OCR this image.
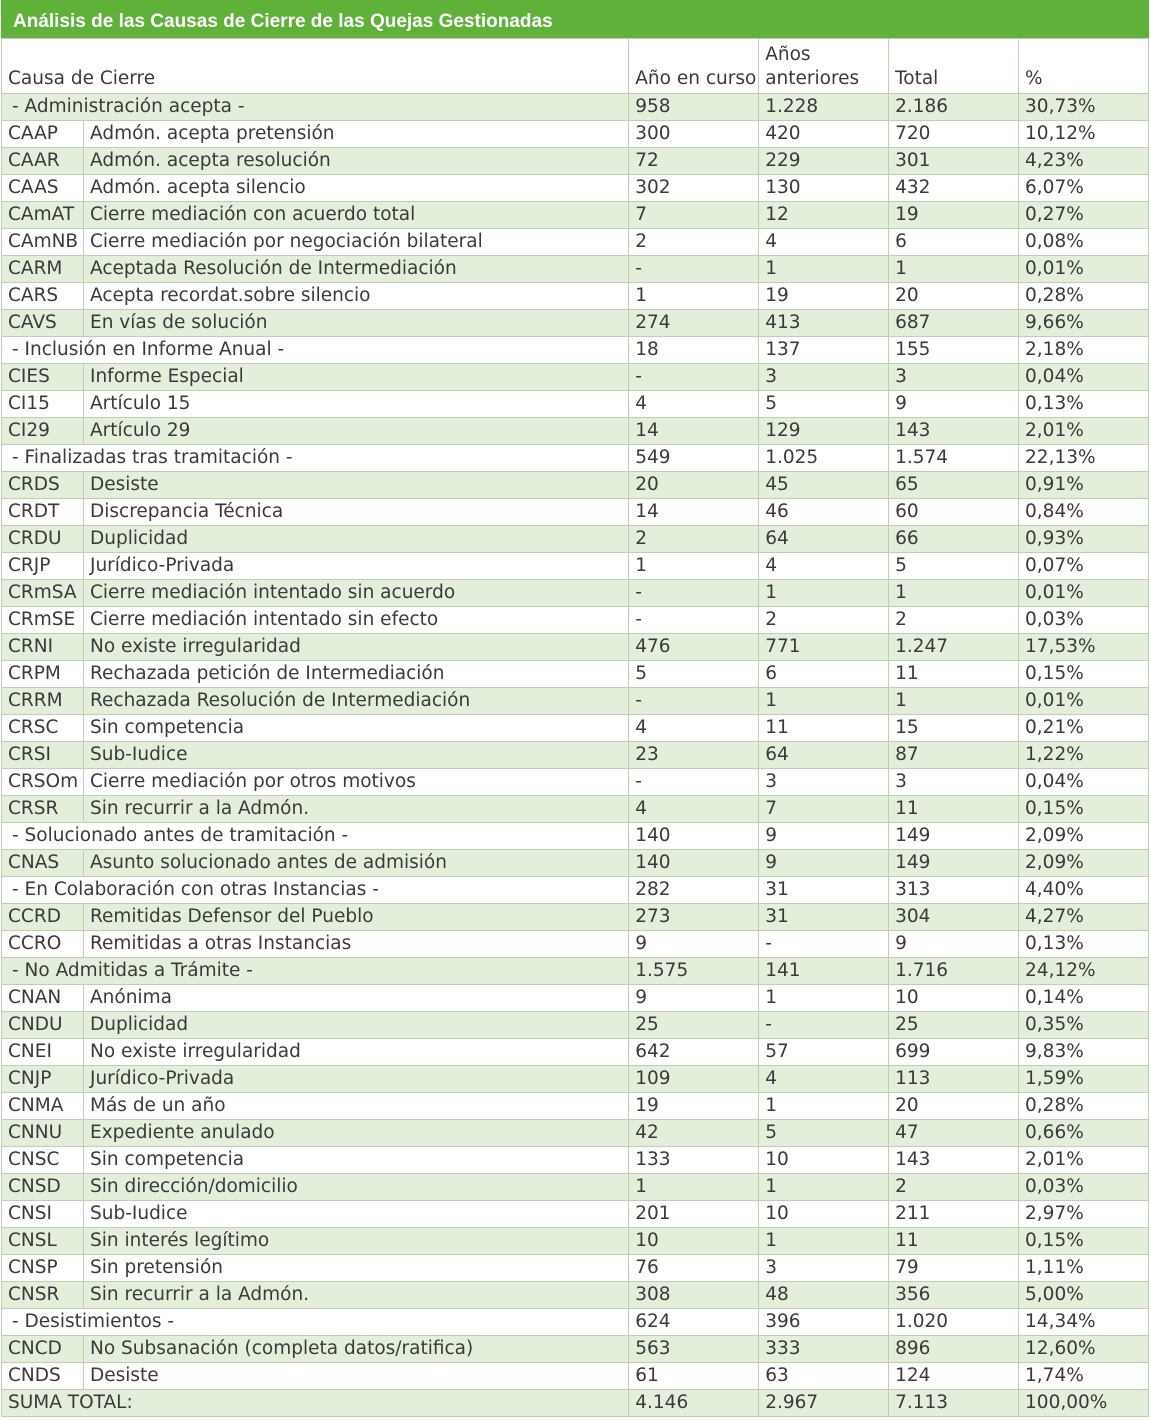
Análisis de las Causas de Cierre de las Quejas Gestionadas
Causa de Cierre		Año en curso	Años
anteriores	Total	%
- Administración acepta -		958	1.228	2.186	30,73%
CAAP	Admón. acepta pretensión	300	420	720	10,12%
CAAR	Admón. acepta resolución	72	229	301	4,23%
CAAS	Admón. acepta silencio	302	130	432	6,07%
CAmAT	Cierre mediación con acuerdo total	7	12	19	0,27%
CAmNB	Cierre mediación por negociación bilateral	2	4	6	0,08%
CARM	Aceptada Resolución de Intermediación	-	1	1	0,01%
CARS	Acepta recordat.sobre silencio	1	19	20	0,28%
CAVS	En vías de solución	274	413	687	9,66%
- Inclusión en Informe Anual -		18	137	155	2,18%
CIES	Informe Especial	-	3	3	0,04%
CI15	Artículo 15	4	5	9	0,13%
CI29	Artículo 29	14	129	143	2,01%
- Finalizadas tras tramitación -		549	1.025	1.574	22,13%
CRDS	Desiste	20	45	65	0,91%
CRDT	Discrepancia Técnica	14	46	60	0,84%
CRDU	Duplicidad	2	64	66	0,93%
CRJP	Jurídico-Privada	1	4	5	0,07%
CRmSA	Cierre mediación intentado sin acuerdo	-	1	1	0,01%
CRmSE	Cierre mediación intentado sin efecto	-	2	2	0,03%
CRNI	No existe irregularidad	476	771	1.247	17,53%
CRPM	Rechazada petición de Intermediación	5	6	11	0,15%
CRRM	Rechazada Resolución de Intermediación	-	1	1	0,01%
CRSC	Sin competencia	4	11	15	0,21%
CRSI	Sub-Iudice	23	64	87	1,22%
CRSOm	Cierre mediación por otros motivos	-	3	3	0,04%
CRSR	Sin recurrir a la Admón.	4	7	11	0,15%
- Solucionado antes de tramitación -		140	9	149	2,09%
CNAS	Asunto solucionado antes de admisión	140	9	149	2,09%
- En Colaboración con otras Instancias -		282	31	313	4,40%
CCRD	Remitidas Defensor del Pueblo	273	31	304	4,27%
CCRO	Remitidas a otras Instancias	9	-	9	0,13%
- No Admitidas a Trámite -		1.575	141	1.716	24,12%
CNAN	Anónima	9	1	10	0,14%
CNDU	Duplicidad	25	-	25	0,35%
CNEI	No existe irregularidad	642	57	699	9,83%
CNJP	Jurídico-Privada	109	4	113	1,59%
CNMA	Más de un año	19	1	20	0,28%
CNNU	Expediente anulado	42	5	47	0,66%
CNSC	Sin competencia	133	10	143	2,01%
CNSD	Sin dirección/domicilio	1	1	2	0,03%
CNSI	Sub-Iudice	201	10	211	2,97%
CNSL	Sin interés legítimo	10	1	11	0,15%
CNSP	Sin pretensión	76	3	79	1,11%
CNSR	Sin recurrir a la Admón.	308	48	356	5,00%
- Desistimientos -		624	396	1.020	14,34%
CNCD	No Subsanación (completa datos/ratifica)	563	333	896	12,60%
CNDS	Desiste	61	63	124	1,74%
SUMA TOTAL:		4.146	2.967	7.113	100,00%
